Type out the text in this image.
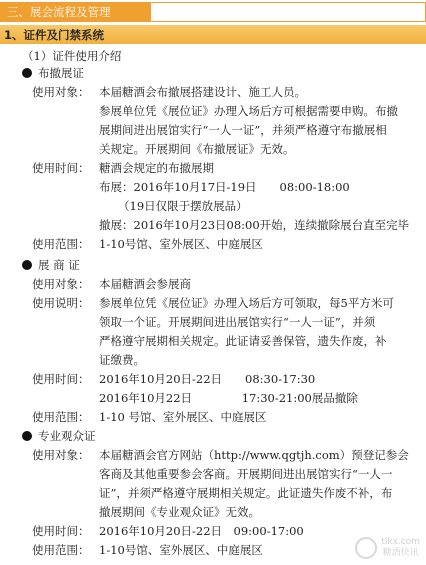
三、展会流程及管理
1、证件及门禁系统
（1）证件使用介绍
布撤展证
使用对象： 本届糖酒会布撤展搭建设计、施工人员。
参展单位凭《展位证》办理入场后方可根据需要申购。布撤
展期间进出展馆实行“一人一证”，并须严格遵守布撤展相
关规定。开展期间《布撤展证》无效。
使用时间： 糖酒会规定的布撤展期
布展：2016年10月17日-19日　　08:00-18:00
（19日仅限于摆放展品）
撤展：2016年10月23日08:00开始，连续撤除展台直至完毕
使用范围： 1-10号馆、室外展区、中庭展区
展 商 证
使用对象： 本届糖酒会参展商
使用说明： 参展单位凭《展位证》办理入场后方可领取，每5平方米可
领取一个证。开展期间进出展馆实行“一人一证”，并须
严格遵守展期相关规定。此证请妥善保管，遗失作废，补
证缴费。
使用时间： 2016年10月20日-22日　　08:30-17:30
2016年10月22日　　　　 17:30-21:00展品撤除
使用范围： 1-10 号馆、室外展区、中庭展区
专业观众证
使用对象： 本届糖酒会官方网站（http://www.qgtjh.com）预登记参会
客商及其他重要参会客商。开展期间进出展馆实行“一人一
证”，并须严格遵守展期相关规定。此证遗失作废不补，布
撤展期间《专业观众证》无效。
使用时间： 2016年10月20日-22日　09:00-17:00
使用范围： 1-10号馆、室外展区、中庭展区
tlkx.com
糖酒快讯
